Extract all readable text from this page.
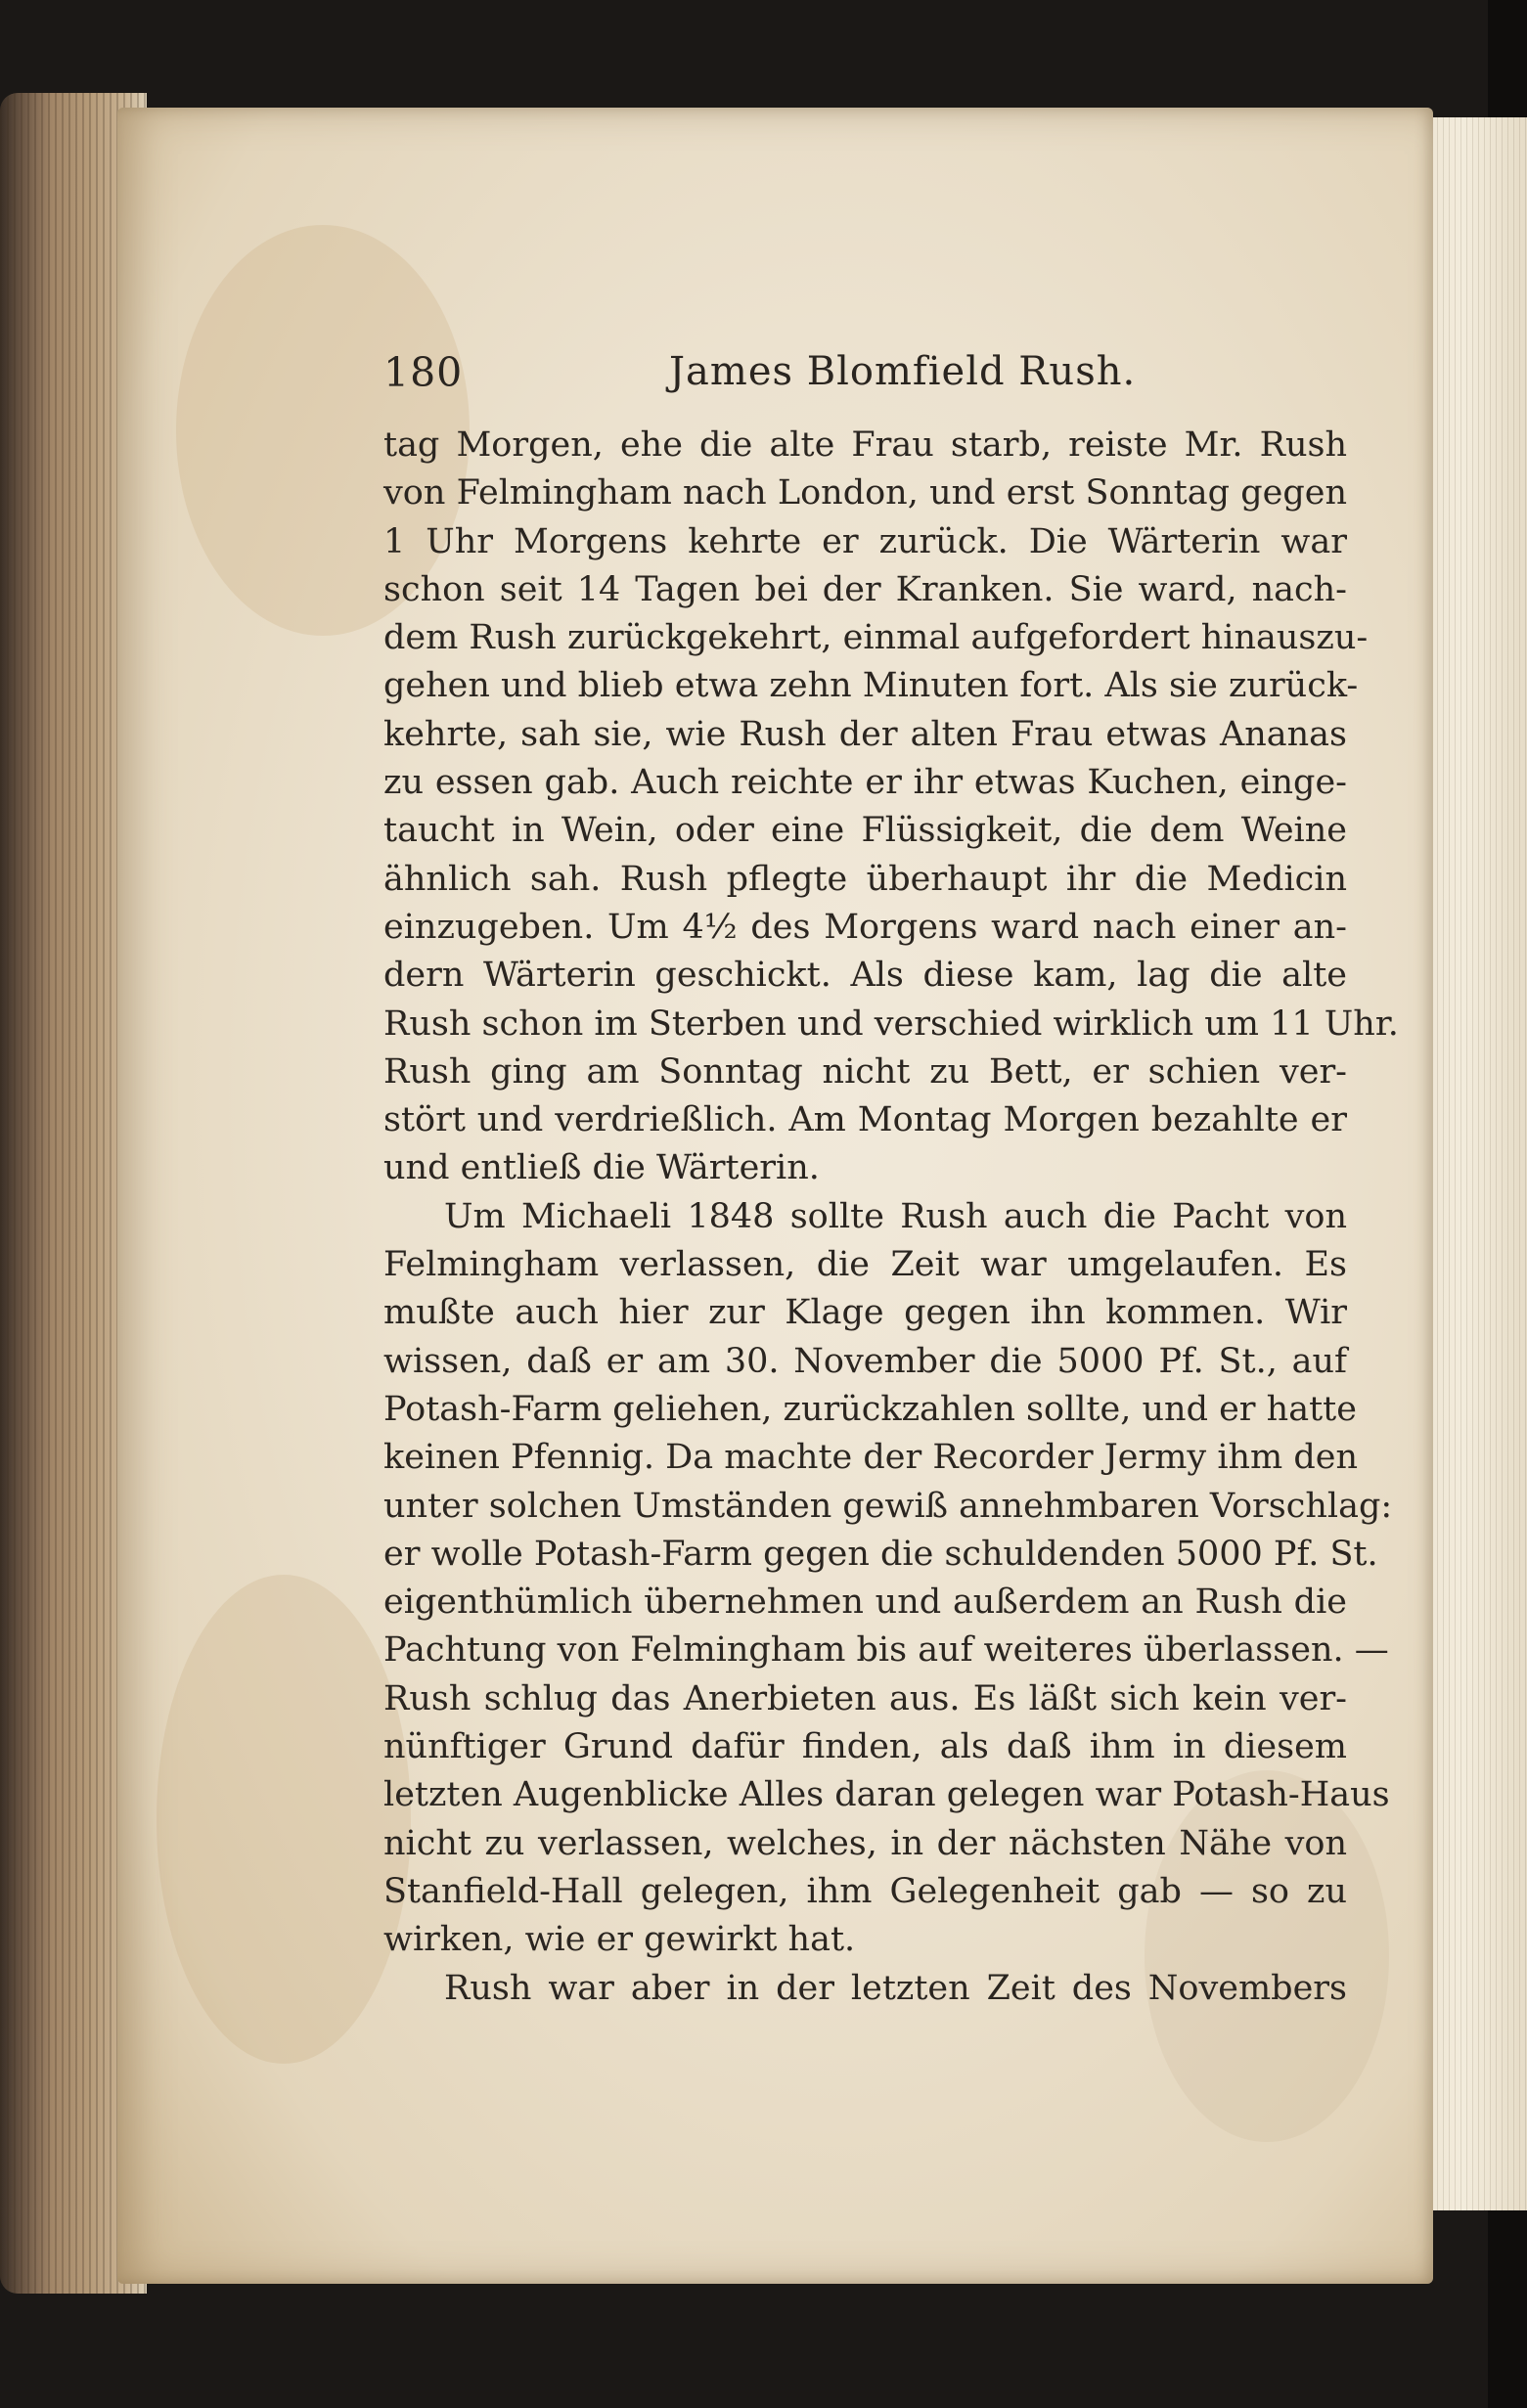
180	James Blomfield Rush.
tag Morgen, ehe die alte Frau starb, reiste Mr. Rush
von Felmingham nach London, und erst Sonntag gegen
1 Uhr Morgens kehrte er zurück. Die Wärterin war
schon seit 14 Tagen bei der Kranken. Sie ward, nach-
dem Rush zurückgekehrt, einmal aufgefordert hinauszu-
gehen und blieb etwa zehn Minuten fort. Als sie zurück-
kehrte, sah sie, wie Rush der alten Frau etwas Ananas
zu essen gab. Auch reichte er ihr etwas Kuchen, einge-
taucht in Wein, oder eine Flüssigkeit, die dem Weine
ähnlich sah. Rush pflegte überhaupt ihr die Medicin
einzugeben. Um 4½ des Morgens ward nach einer an-
dern Wärterin geschickt. Als diese kam, lag die alte
Rush schon im Sterben und verschied wirklich um 11 Uhr.
Rush ging am Sonntag nicht zu Bett, er schien ver-
stört und verdrießlich. Am Montag Morgen bezahlte er
und entließ die Wärterin.
Um Michaeli 1848 sollte Rush auch die Pacht von
Felmingham verlassen, die Zeit war umgelaufen. Es
mußte auch hier zur Klage gegen ihn kommen. Wir
wissen, daß er am 30. November die 5000 Pf. St., auf
Potash-Farm geliehen, zurückzahlen sollte, und er hatte
keinen Pfennig. Da machte der Recorder Jermy ihm den
unter solchen Umständen gewiß annehmbaren Vorschlag:
er wolle Potash-Farm gegen die schuldenden 5000 Pf. St.
eigenthümlich übernehmen und außerdem an Rush die
Pachtung von Felmingham bis auf weiteres überlassen. —
Rush schlug das Anerbieten aus. Es läßt sich kein ver-
nünftiger Grund dafür finden, als daß ihm in diesem
letzten Augenblicke Alles daran gelegen war Potash-Haus
nicht zu verlassen, welches, in der nächsten Nähe von
Stanfield-Hall gelegen, ihm Gelegenheit gab — so zu
wirken, wie er gewirkt hat.
Rush war aber in der letzten Zeit des Novembers
